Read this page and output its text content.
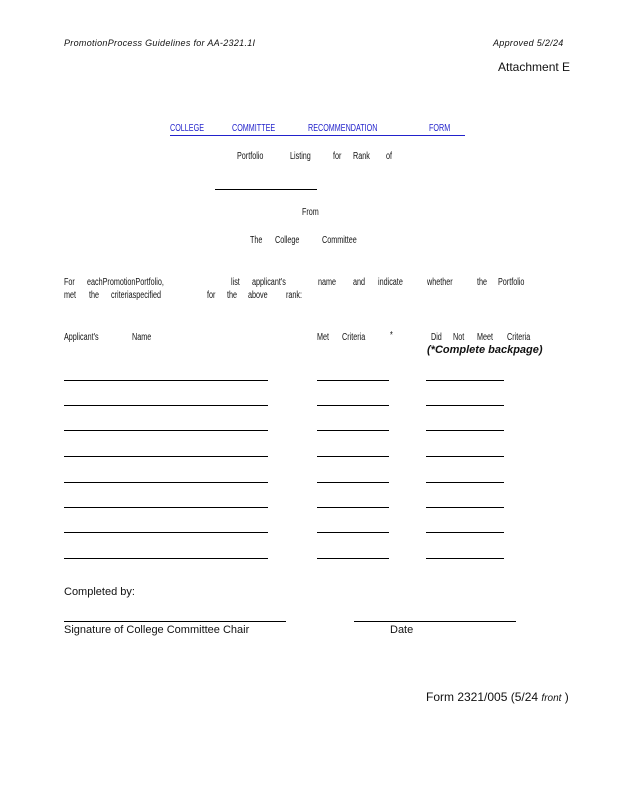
PromotionProcess Guidelines for AA-2321.1I	Approved 5/2/24
Attachment E
COLLEGE	COMMITTEE	RECOMMENDATION	FORM
Portfolio	Listing for Rank of
From
The College Committee
For eachPromotionPortfolio,	list applicant's	name and indicate whether the Portfolio
met the criteriaspecified	for the above rank:
Applicant's	Name	Met Criteria *	Did Not Meet Criteria
(*Complete backpage)
Completed by:
Signature of College Committee Chair	Date
Form 2321/005 (5/24 front )
